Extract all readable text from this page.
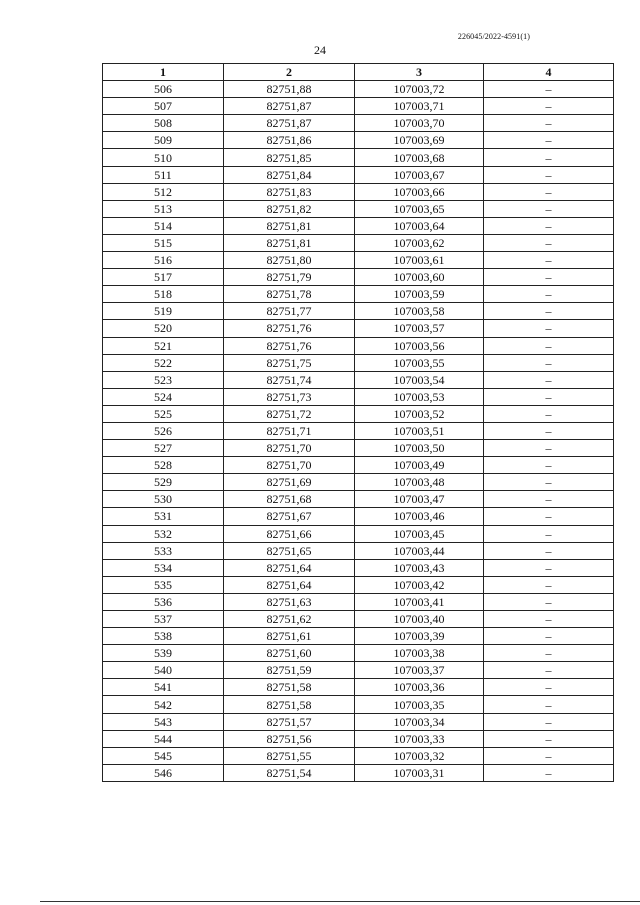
226045/2022-4591(1)
24
1	2	3	4
506	82751,88	107003,72	–
507	82751,87	107003,71	–
508	82751,87	107003,70	–
509	82751,86	107003,69	–
510	82751,85	107003,68	–
511	82751,84	107003,67	–
512	82751,83	107003,66	–
513	82751,82	107003,65	–
514	82751,81	107003,64	–
515	82751,81	107003,62	–
516	82751,80	107003,61	–
517	82751,79	107003,60	–
518	82751,78	107003,59	–
519	82751,77	107003,58	–
520	82751,76	107003,57	–
521	82751,76	107003,56	–
522	82751,75	107003,55	–
523	82751,74	107003,54	–
524	82751,73	107003,53	–
525	82751,72	107003,52	–
526	82751,71	107003,51	–
527	82751,70	107003,50	–
528	82751,70	107003,49	–
529	82751,69	107003,48	–
530	82751,68	107003,47	–
531	82751,67	107003,46	–
532	82751,66	107003,45	–
533	82751,65	107003,44	–
534	82751,64	107003,43	–
535	82751,64	107003,42	–
536	82751,63	107003,41	–
537	82751,62	107003,40	–
538	82751,61	107003,39	–
539	82751,60	107003,38	–
540	82751,59	107003,37	–
541	82751,58	107003,36	–
542	82751,58	107003,35	–
543	82751,57	107003,34	–
544	82751,56	107003,33	–
545	82751,55	107003,32	–
546	82751,54	107003,31	–
